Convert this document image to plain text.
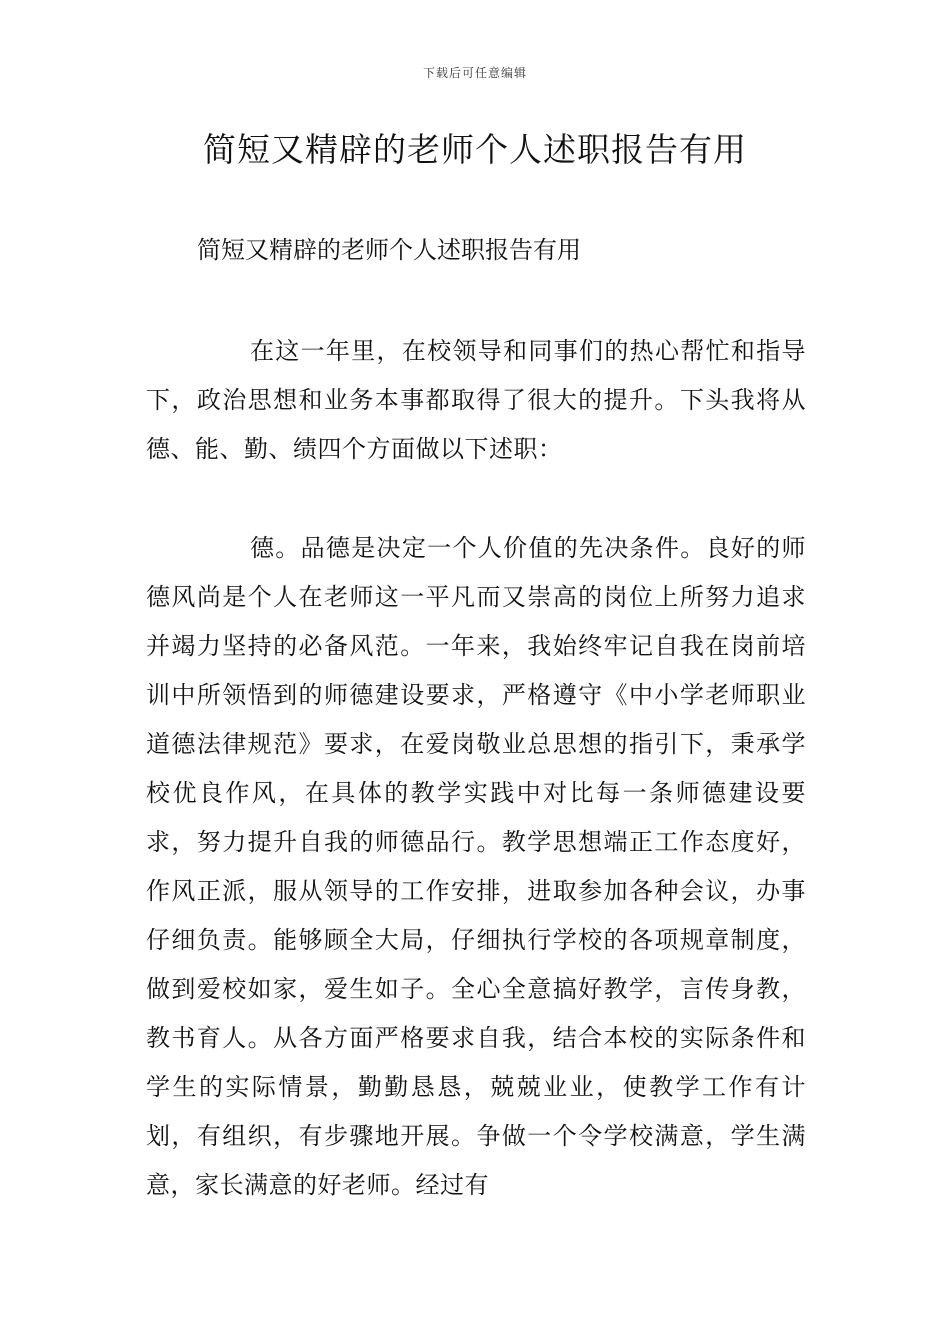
下载后可任意编辑
简短又精辟的老师个人述职报告有用

简短又精辟的老师个人述职报告有用

在这一年里，在校领导和同事们的热心帮忙和指导下，政治思想和业务本事都取得了很大的提升。下头我将从德、能、勤、绩四个方面做以下述职：

德。品德是决定一个人价值的先决条件。良好的师德风尚是个人在老师这一平凡而又崇高的岗位上所努力追求并竭力坚持的必备风范。一年来，我始终牢记自我在岗前培训中所领悟到的师德建设要求，严格遵守《中小学老师职业道德法律规范》要求，在爱岗敬业总思想的指引下，秉承学校优良作风，在具体的教学实践中对比每一条师德建设要求，努力提升自我的师德品行。教学思想端正工作态度好，作风正派，服从领导的工作安排，进取参加各种会议，办事仔细负责。能够顾全大局，仔细执行学校的各项规章制度，做到爱校如家，爱生如子。全心全意搞好教学，言传身教，教书育人。从各方面严格要求自我，结合本校的实际条件和学生的实际情景，勤勤恳恳，兢兢业业，使教学工作有计划，有组织，有步骤地开展。争做一个令学校满意，学生满意，家长满意的好老师。经过有
